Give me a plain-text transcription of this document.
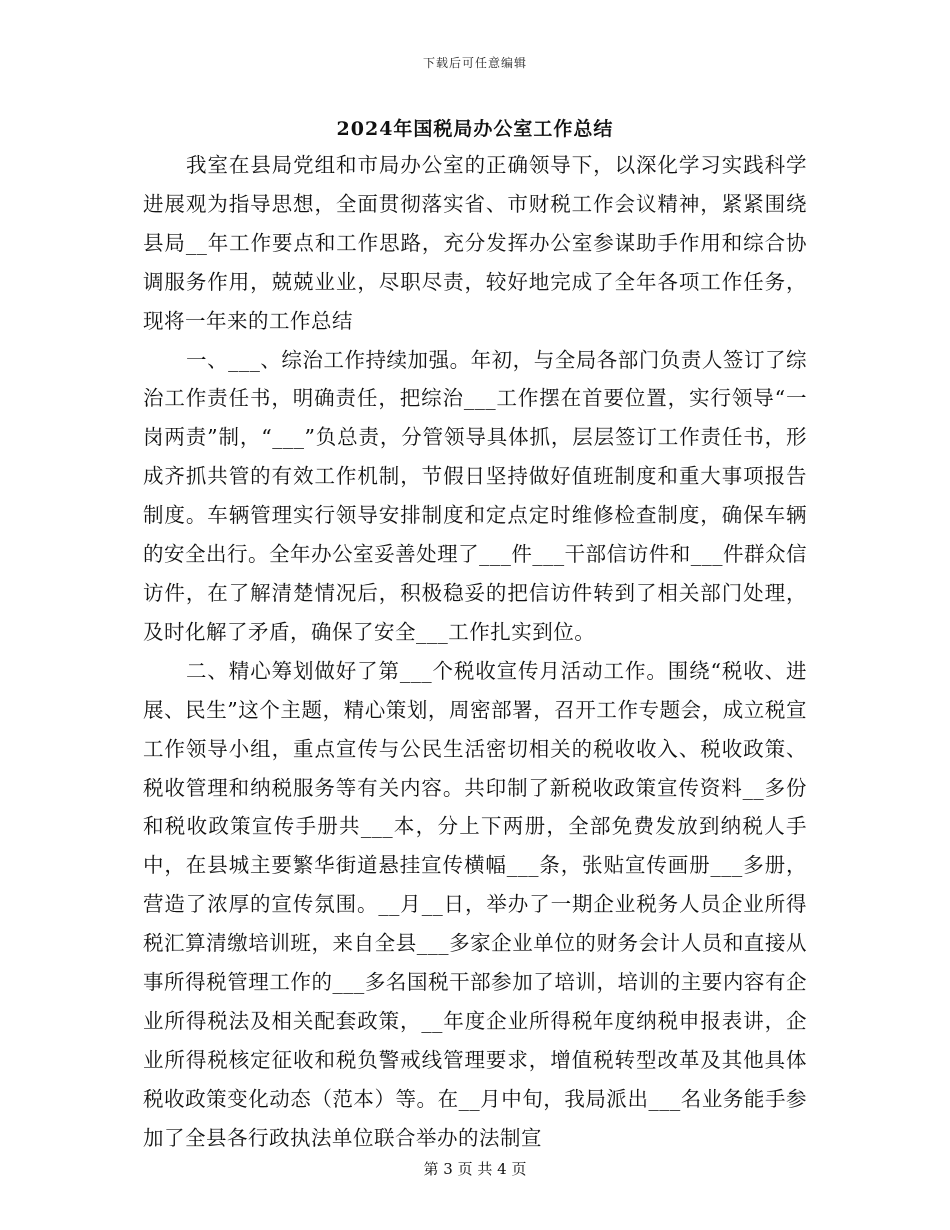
下载后可任意编辑
2024年国税局办公室工作总结

我室在县局党组和市局办公室的正确领导下，以深化学习实践科学进展观为指导思想，全面贯彻落实省、市财税工作会议精神，紧紧围绕县局__年工作要点和工作思路，充分发挥办公室参谋助手作用和综合协调服务作用，兢兢业业，尽职尽责，较好地完成了全年各项工作任务，现将一年来的工作总结

一、___、综治工作持续加强。年初，与全局各部门负责人签订了综治工作责任书，明确责任，把综治___工作摆在首要位置，实行领导“一岗两责”制，“___”负总责，分管领导具体抓，层层签订工作责任书，形成齐抓共管的有效工作机制，节假日坚持做好值班制度和重大事项报告制度。车辆管理实行领导安排制度和定点定时维修检查制度，确保车辆的安全出行。全年办公室妥善处理了___件___干部信访件和___件群众信访件，在了解清楚情况后，积极稳妥的把信访件转到了相关部门处理，及时化解了矛盾，确保了安全___工作扎实到位。

二、精心筹划做好了第___个税收宣传月活动工作。围绕“税收、进展、民生”这个主题，精心策划，周密部署，召开工作专题会，成立税宣工作领导小组，重点宣传与公民生活密切相关的税收收入、税收政策、税收管理和纳税服务等有关内容。共印制了新税收政策宣传资料__多份和税收政策宣传手册共___本，分上下两册，全部免费发放到纳税人手中，在县城主要繁华街道悬挂宣传横幅___条，张贴宣传画册___多册，营造了浓厚的宣传氛围。__月__日，举办了一期企业税务人员企业所得税汇算清缴培训班，来自全县___多家企业单位的财务会计人员和直接从事所得税管理工作的___多名国税干部参加了培训，培训的主要内容有企业所得税法及相关配套政策，__年度企业所得税年度纳税申报表讲，企业所得税核定征收和税负警戒线管理要求，增值税转型改革及其他具体税收政策变化动态（范本）等。在__月中旬，我局派出___名业务能手参加了全县各行政执法单位联合举办的法制宣

第 3 页 共 4 页
